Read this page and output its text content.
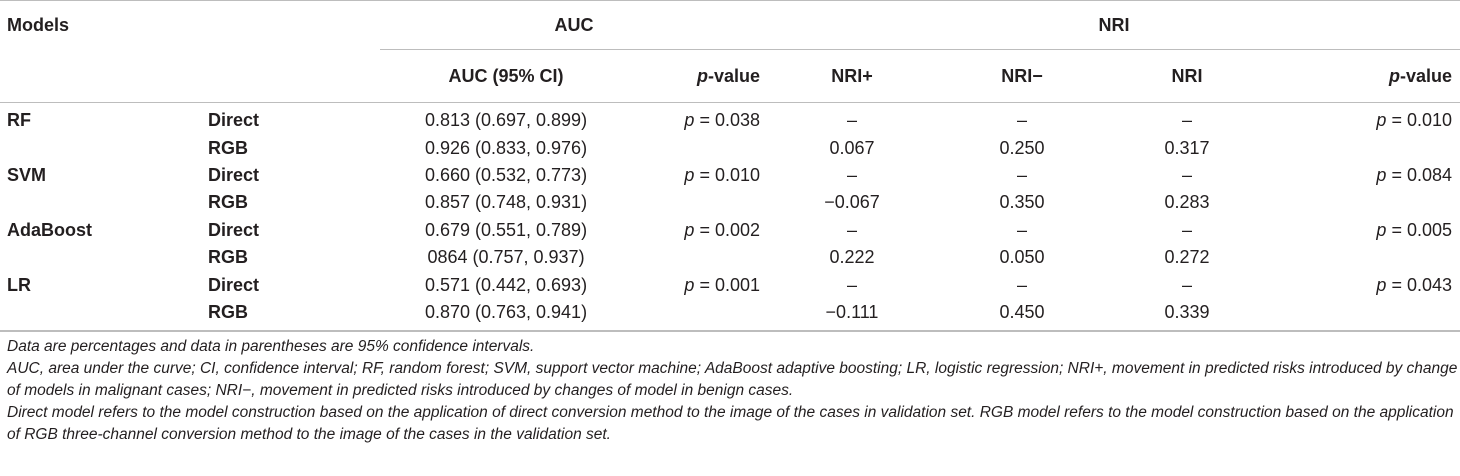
Models		AUC		NRI			
		AUC (95% CI)	p-value	NRI+	NRI−	NRI	p-value
RF	Direct	0.813 (0.697, 0.899)	p = 0.038	–	–	–	p = 0.010
	RGB	0.926 (0.833, 0.976)		0.067	0.250	0.317	
SVM	Direct	0.660 (0.532, 0.773)	p = 0.010	–	–	–	p = 0.084
	RGB	0.857 (0.748, 0.931)		−0.067	0.350	0.283	
AdaBoost	Direct	0.679 (0.551, 0.789)	p = 0.002	–	–	–	p = 0.005
	RGB	0864 (0.757, 0.937)		0.222	0.050	0.272	
LR	Direct	0.571 (0.442, 0.693)	p = 0.001	–	–	–	p = 0.043
	RGB	0.870 (0.763, 0.941)		−0.111	0.450	0.339	

Data are percentages and data in parentheses are 95% confidence intervals.

AUC, area under the curve; CI, confidence interval; RF, random forest; SVM, support vector machine; AdaBoost adaptive boosting; LR, logistic regression; NRI+, movement in predicted risks introduced by change of models in malignant cases; NRI−, movement in predicted risks introduced by changes of model in benign cases.

Direct model refers to the model construction based on the application of direct conversion method to the image of the cases in validation set. RGB model refers to the model construction based on the application of RGB three-channel conversion method to the image of the cases in the validation set.
